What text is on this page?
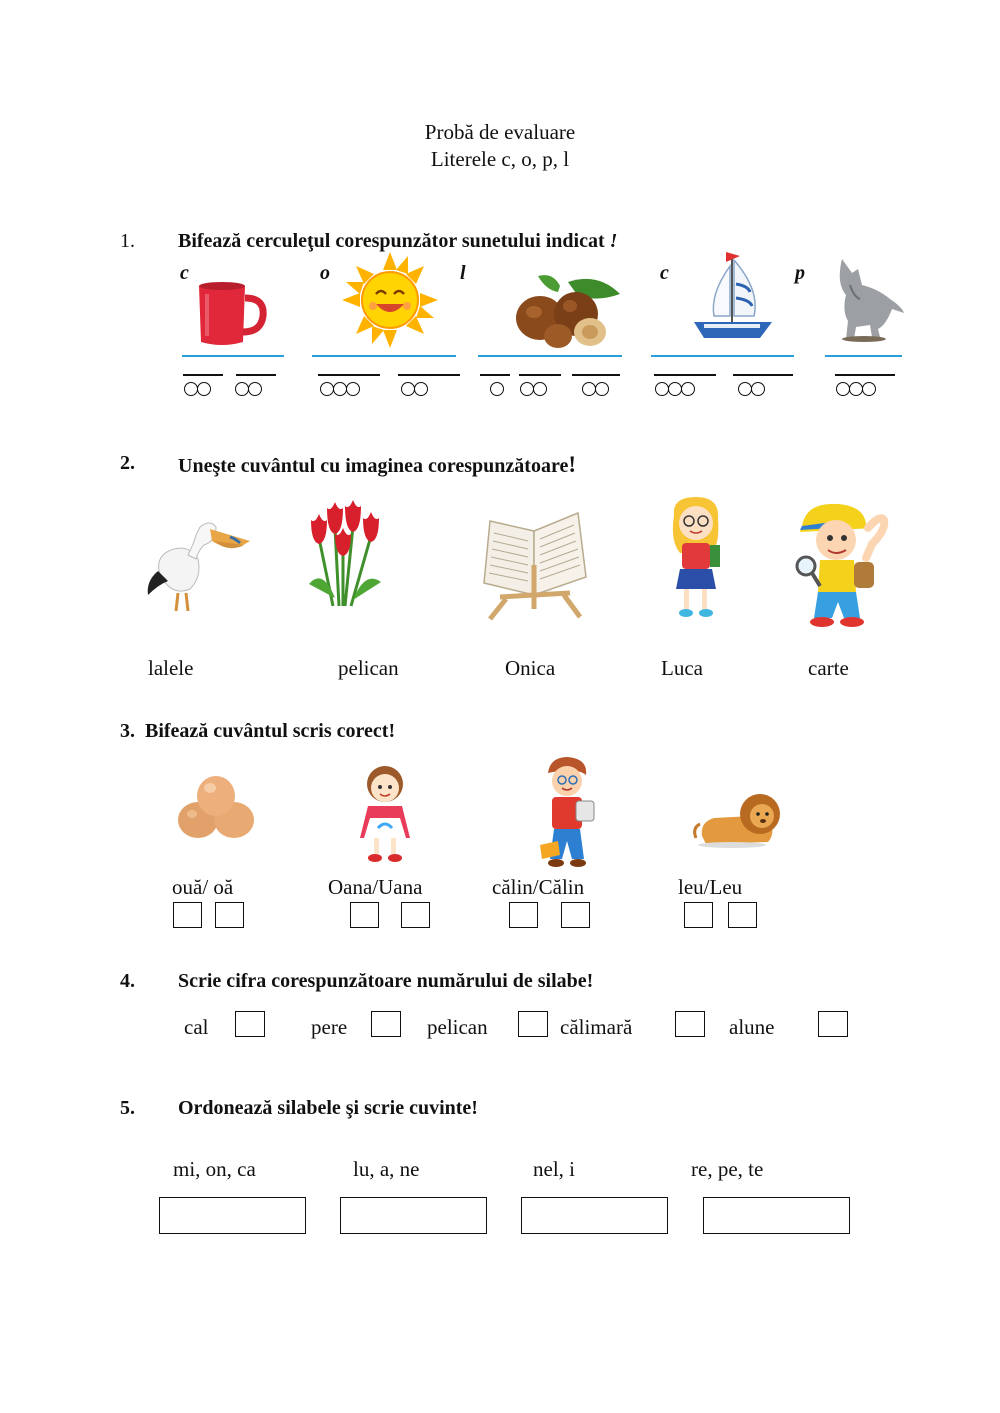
Probă de evaluare
Literele c, o, p, l
1. Bifează cerculeţul corespunzător sunetului indicat !
c	o	l	c	p
2. Uneşte cuvântul cu imaginea corespunzătoare!
lalele	pelican	Onica	Luca	carte
3. Bifează cuvântul scris corect!
ouă/ oă	Oana/Uana	călin/Călin	leu/Leu
4. Scrie cifra corespunzătoare numărului de silabe!
cal	pere	pelican	călimară	alune
5. Ordonează silabele şi scrie cuvinte!
mi, on, ca	lu, a, ne	nel, i	re, pe, te
